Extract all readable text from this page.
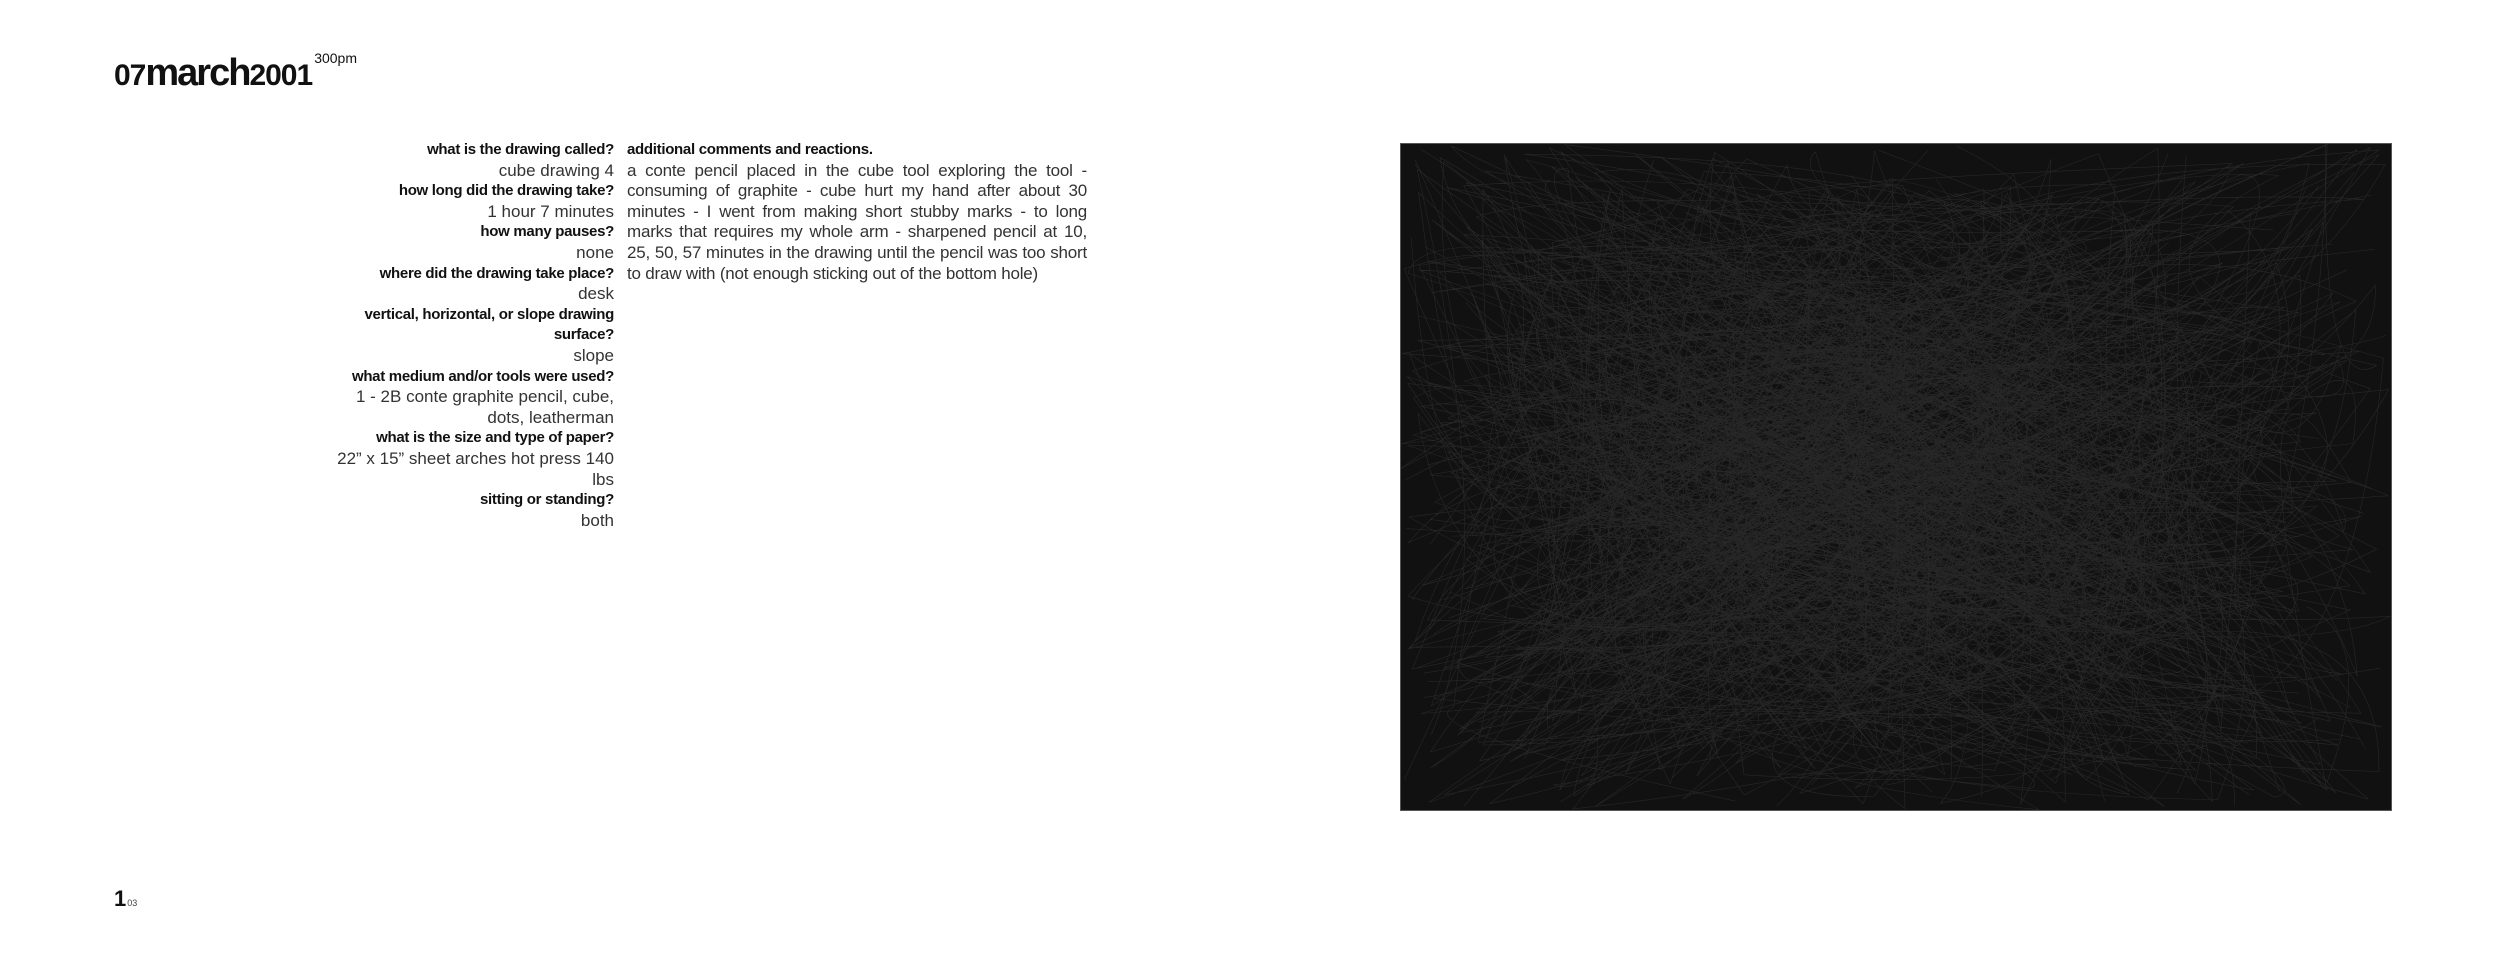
07march2001300pm
what is the drawing called?
cube drawing 4
how long did the drawing take?
1 hour 7 minutes
how many pauses?
none
where did the drawing take place?
desk
vertical, horizontal, or slope drawing surface?
slope
what medium and/or tools were used?
1 - 2B conte graphite pencil, cube, dots, leatherman
what is the size and type of paper?
22” x 15” sheet arches hot press 140 lbs
sitting or standing?
both
additional comments and reactions.
a conte pencil placed in the cube tool exploring the tool - consuming of graphite - cube hurt my hand after about 30 minutes - I went from making short stubby marks - to long marks that requires my whole arm - sharpened pencil at 10, 25, 50, 57 minutes in the drawing until the pencil was too short to draw with (not enough sticking out of the bottom hole)
103
